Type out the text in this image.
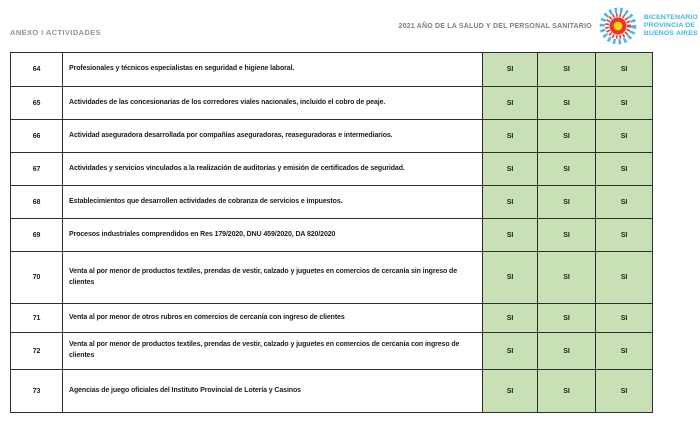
ANEXO I ACTIVIDADES
2021 AÑO DE LA SALUD Y DEL PERSONAL SANITARIO
BICENTENARIO
PROVINCIA DE
BUENOS AIRES
64	Profesionales y técnicos especialistas en seguridad e higiene laboral.	SI	SI	SI
65	Actividades de las concesionarias de los corredores viales nacionales, incluido el cobro de peaje.	SI	SI	SI
66	Actividad aseguradora desarrollada por compañías aseguradoras, reaseguradoras e intermediarios.	SI	SI	SI
67	Actividades y servicios vinculados a la realización de auditorías y emisión de certificados de seguridad.	SI	SI	SI
68	Establecimientos que desarrollen actividades de cobranza de servicios e impuestos.	SI	SI	SI
69	Procesos industriales comprendidos en Res 179/2020, DNU 459/2020, DA 820/2020	SI	SI	SI
70	Venta al por menor de productos textiles, prendas de vestir, calzado y juguetes en comercios de cercanía sin ingreso de clientes	SI	SI	SI
71	Venta al por menor de otros rubros en comercios de cercanía con ingreso de clientes	SI	SI	SI
72	Venta al por menor de productos textiles, prendas de vestir, calzado y juguetes en comercios de cercanía con ingreso de clientes	SI	SI	SI
73	Agencias de juego oficiales del Instituto Provincial de Lotería y Casinos	SI	SI	SI
